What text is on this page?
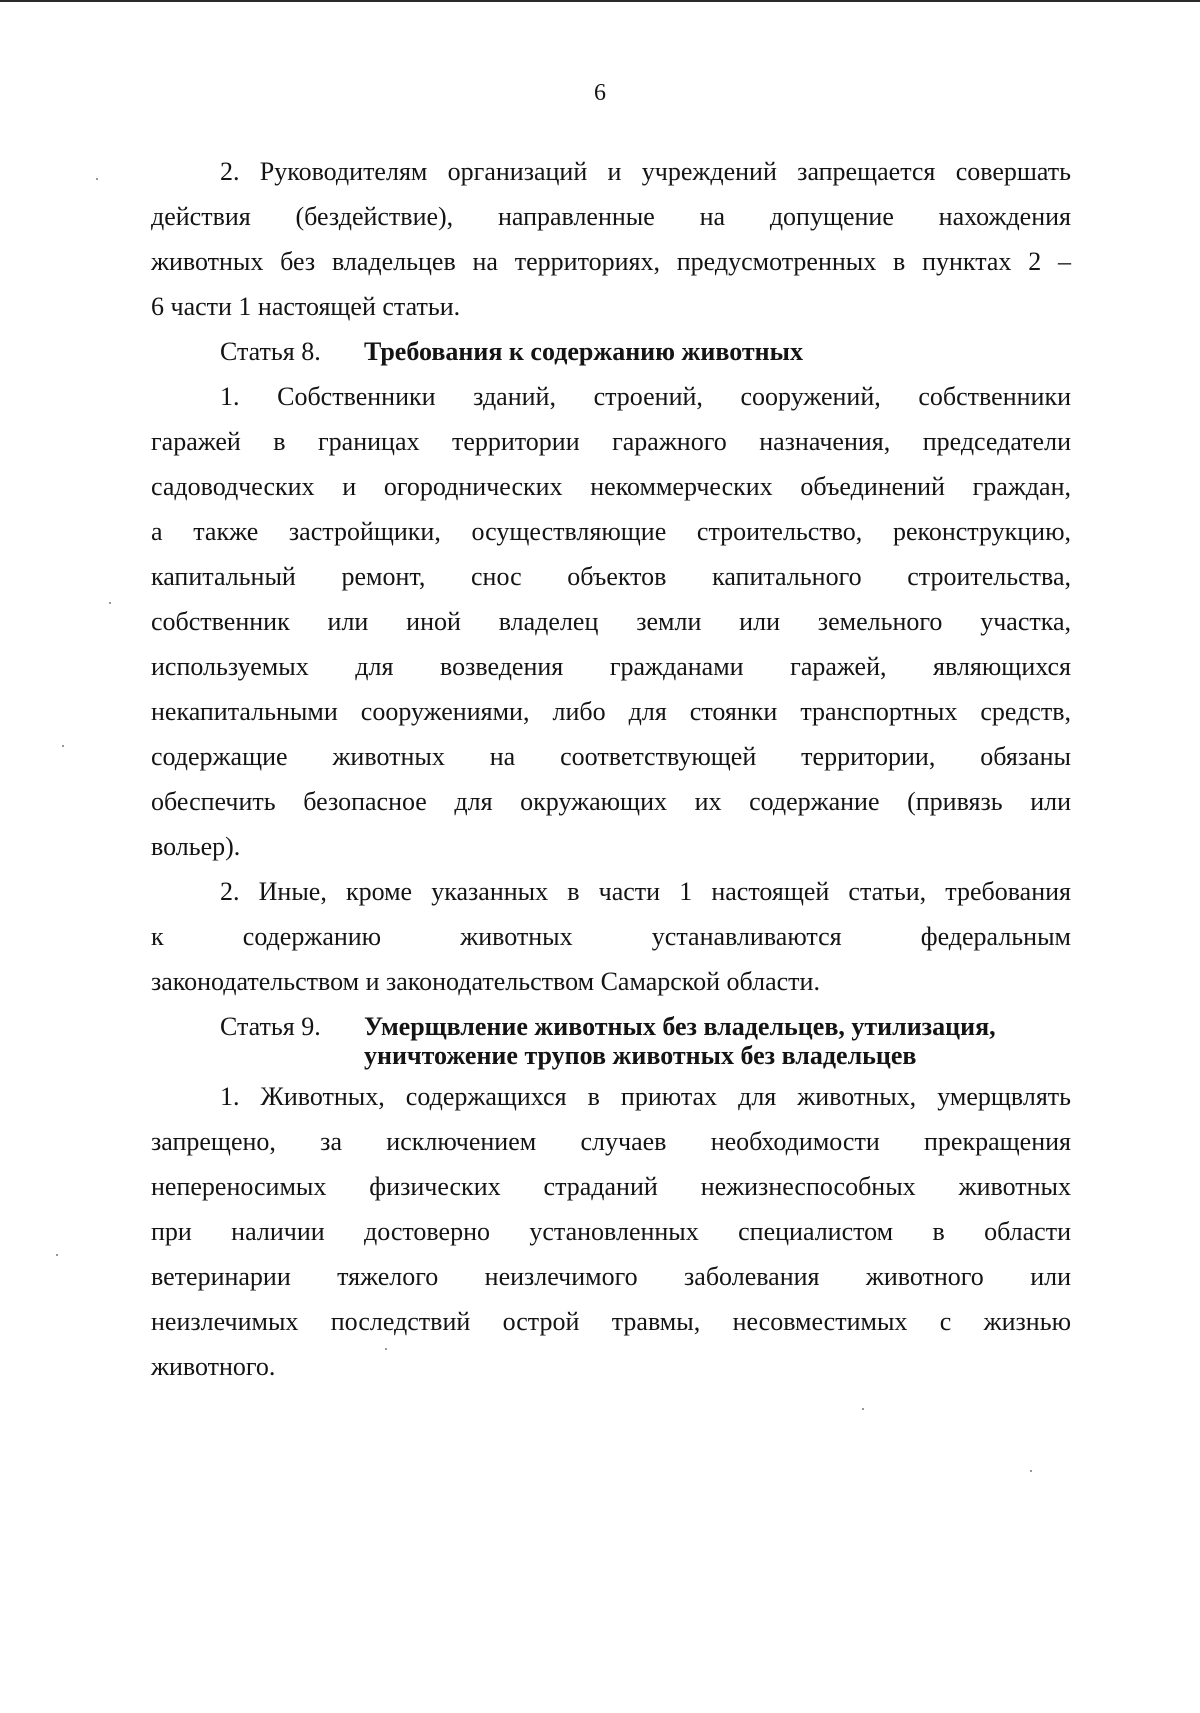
6
2. Руководителям организаций и учреждений запрещается совершать
действия (бездействие), направленные на допущение нахождения
животных без владельцев на территориях, предусмотренных в пунктах 2 –
6 части 1 настоящей статьи.
Статья 8. Требования к содержанию животных
1. Собственники зданий, строений, сооружений, собственники
гаражей в границах территории гаражного назначения, председатели
садоводческих и огороднических некоммерческих объединений граждан,
а также застройщики, осуществляющие строительство, реконструкцию,
капитальный ремонт, снос объектов капитального строительства,
собственник или иной владелец земли или земельного участка,
используемых для возведения гражданами гаражей, являющихся
некапитальными сооружениями, либо для стоянки транспортных средств,
содержащие животных на соответствующей территории, обязаны
обеспечить безопасное для окружающих их содержание (привязь или
вольер).
2. Иные, кроме указанных в части 1 настоящей статьи, требования
к содержанию животных устанавливаются федеральным
законодательством и законодательством Самарской области.
Статья 9. Умерщвление животных без владельцев, утилизация,
уничтожение трупов животных без владельцев
1. Животных, содержащихся в приютах для животных, умерщвлять
запрещено, за исключением случаев необходимости прекращения
непереносимых физических страданий нежизнеспособных животных
при наличии достоверно установленных специалистом в области
ветеринарии тяжелого неизлечимого заболевания животного или
неизлечимых последствий острой травмы, несовместимых с жизнью
животного.
